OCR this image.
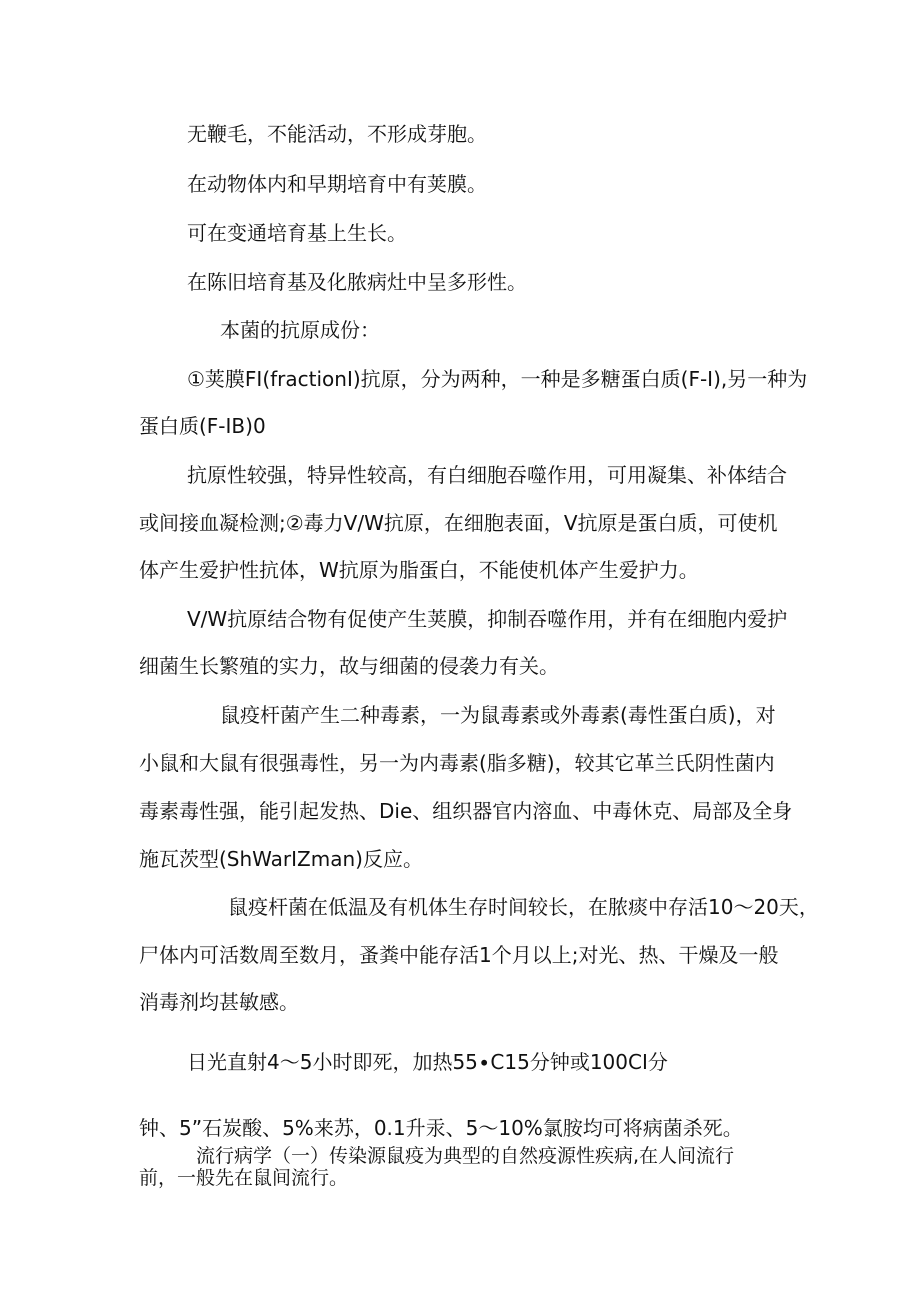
无鞭毛，不能活动，不形成芽胞。

在动物体内和早期培育中有荚膜。

可在变通培育基上生长。

在陈旧培育基及化脓病灶中呈多形性。

本菌的抗原成份：

①荚膜FI(fractionI)抗原，分为两种，一种是多糖蛋白质(F-I),另一种为

蛋白质(F-IB)0

抗原性较强，特异性较高，有白细胞吞噬作用，可用凝集、补体结合

或间接血凝检测;②毒力V/W抗原，在细胞表面，V抗原是蛋白质，可使机

体产生爱护性抗体，W抗原为脂蛋白，不能使机体产生爱护力。

V/W抗原结合物有促使产生荚膜，抑制吞噬作用，并有在细胞内爱护

细菌生长繁殖的实力，故与细菌的侵袭力有关。

鼠疫杆菌产生二种毒素，一为鼠毒素或外毒素(毒性蛋白质)，对

小鼠和大鼠有很强毒性，另一为内毒素(脂多糖)，较其它革兰氏阴性菌内

毒素毒性强，能引起发热、Die、组织器官内溶血、中毒休克、局部及全身

施瓦茨型(ShWarIZman)反应。

鼠疫杆菌在低温及有机体生存时间较长，在脓痰中存活10〜20天，

尸体内可活数周至数月，蚤粪中能存活1个月以上;对光、热、干燥及一般

消毒剂均甚敏感。

日光直射4〜5小时即死，加热55∙C15分钟或100CI分

钟、5”石炭酸、5%来苏，0.1升汞、5〜10%氯胺均可将病菌杀死。

流行病学（一）传染源鼠疫为典型的自然疫源性疾病,在人间流行

前，一般先在鼠间流行。
